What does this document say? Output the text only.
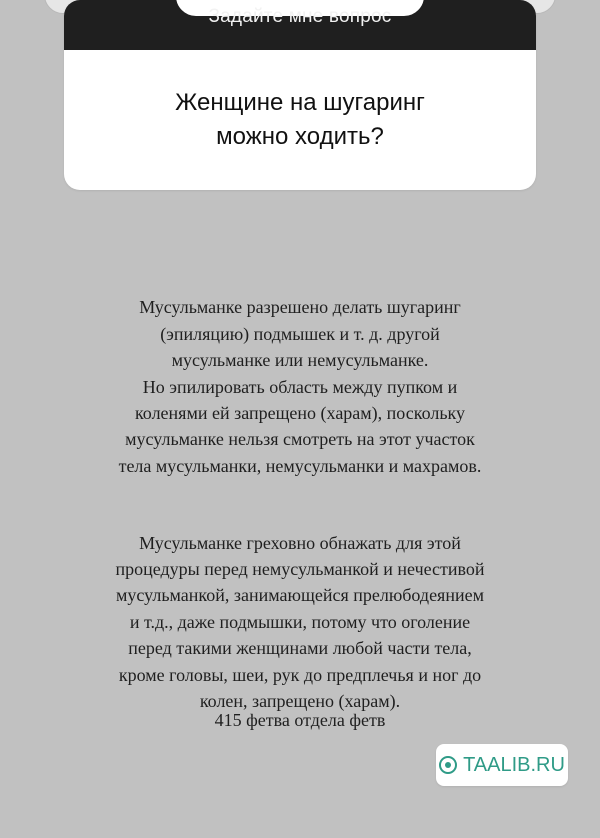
Задайте мне вопрос
Женщине на шугаринг
можно ходить?

Мусульманке разрешено делать шугаринг
(эпиляцию) подмышек и т. д. другой
мусульманке или немусульманке.
Но эпилировать область между пупком и
коленями ей запрещено (харам), поскольку
мусульманке нельзя смотреть на этот участок
тела мусульманки, немусульманки и махрамов.

Мусульманке греховно обнажать для этой
процедуры перед немусульманкой и нечестивой
мусульманкой, занимающейся прелюбодеянием
и т.д., даже подмышки, потому что оголение
перед такими женщинами любой части тела,
кроме головы, шеи, рук до предплечья и ног до
колен, запрещено (харам).

415 фетва отдела фетв
TAALIB.RU
